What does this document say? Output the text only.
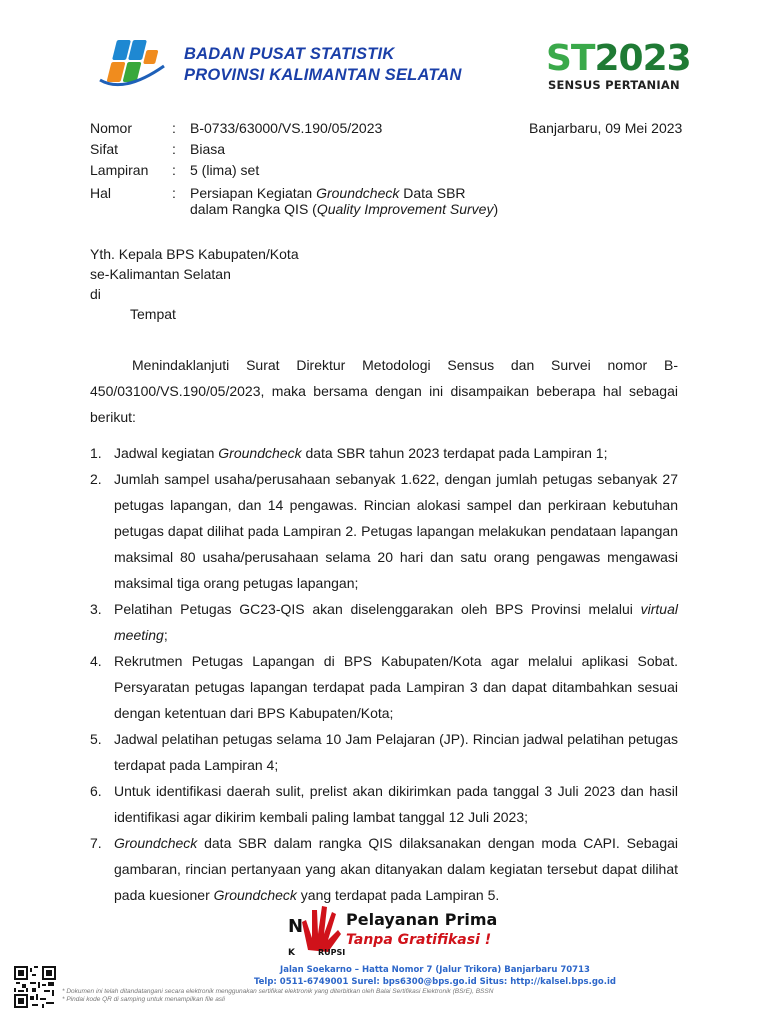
BADAN PUSAT STATISTIK
PROVINSI KALIMANTAN SELATAN ST2023
SENSUS PERTANIAN
Nomor	:	B-0733/63000/VS.190/05/2023
Sifat	:	Biasa
Lampiran	:	5 (lima) set
Hal	:	Persiapan Kegiatan Groundcheck Data SBR
dalam Rangka QIS (Quality Improvement Survey)
Banjarbaru, 09 Mei 2023
Yth. Kepala BPS Kabupaten/Kota
se-Kalimantan Selatan
di
Tempat

Menindaklanjuti Surat Direktur Metodologi Sensus dan Survei nomor B-450/03100/VS.190/05/2023, maka bersama dengan ini disampaikan beberapa hal sebagai berikut:

1. Jadwal kegiatan Groundcheck data SBR tahun 2023 terdapat pada Lampiran 1;
2. Jumlah sampel usaha/perusahaan sebanyak 1.622, dengan jumlah petugas sebanyak 27 petugas lapangan, dan 14 pengawas. Rincian alokasi sampel dan perkiraan kebutuhan petugas dapat dilihat pada Lampiran 2. Petugas lapangan melakukan pendataan lapangan maksimal 80 usaha/perusahaan selama 20 hari dan satu orang pengawas mengawasi maksimal tiga orang petugas lapangan;
3. Pelatihan Petugas GC23-QIS akan diselenggarakan oleh BPS Provinsi melalui virtual meeting;
4. Rekrutmen Petugas Lapangan di BPS Kabupaten/Kota agar melalui aplikasi Sobat. Persyaratan petugas lapangan terdapat pada Lampiran 3 dan dapat ditambahkan sesuai dengan ketentuan dari BPS Kabupaten/Kota;
5. Jadwal pelatihan petugas selama 10 Jam Pelajaran (JP). Rincian jadwal pelatihan petugas terdapat pada Lampiran 4;
6. Untuk identifikasi daerah sulit, prelist akan dikirimkan pada tanggal 3 Juli 2023 dan hasil identifikasi agar dikirim kembali paling lambat tanggal 12 Juli 2023;
7. Groundcheck data SBR dalam rangka QIS dilaksanakan dengan moda CAPI. Sebagai gambaran, rincian pertanyaan yang akan ditanyakan dalam kegiatan tersebut dapat dilihat pada kuesioner Groundcheck yang terdapat pada Lampiran 5.
N
K	RUPSI
Pelayanan Prima
Tanpa Gratifikasi !
Jalan Soekarno – Hatta Nomor 7 (Jalur Trikora) Banjarbaru 70713
Telp: 0511-6749001 Surel: bps6300@bps.go.id Situs: http://kalsel.bps.go.id
* Dokumen ini telah ditandatangani secara elektronik menggunakan sertifikat elektronik yang diterbitkan oleh Balai Sertifikasi Elektronik (BSrE), BSSN
* Pindai kode QR di samping untuk menampilkan file asli
